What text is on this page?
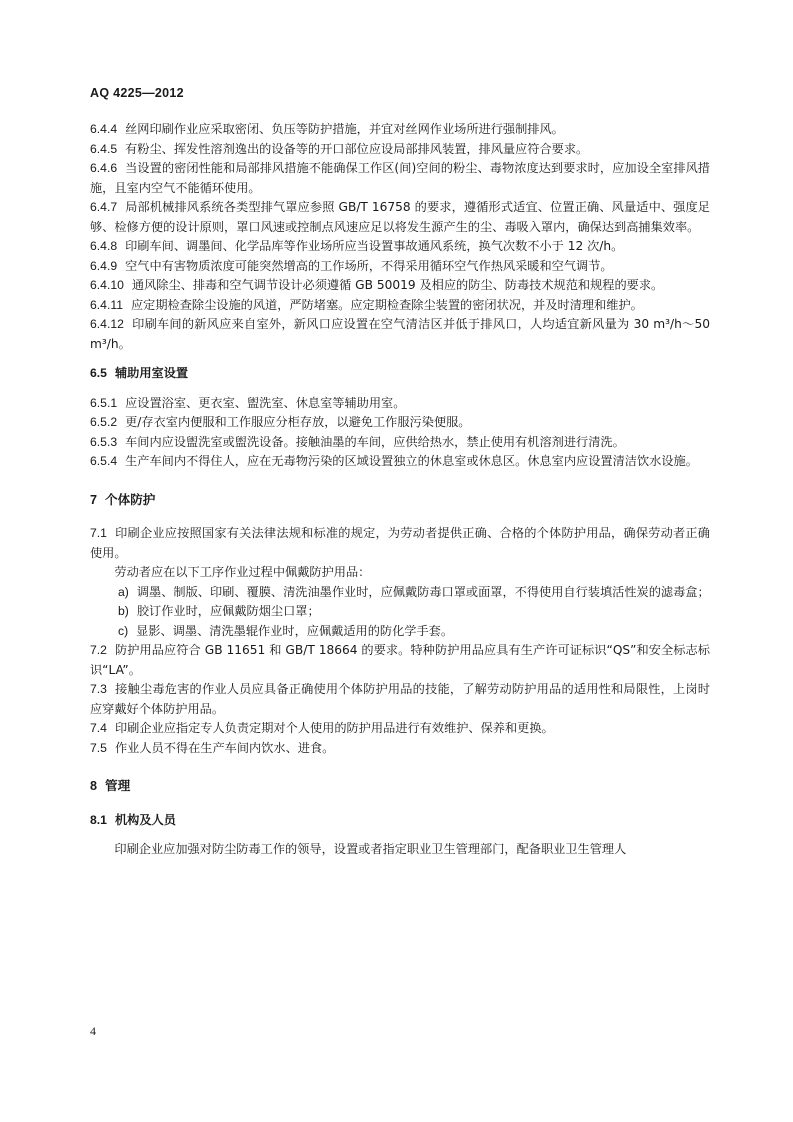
AQ 4225—2012

6.4.4 丝网印刷作业应采取密闭、负压等防护措施，并宜对丝网作业场所进行强制排风。

6.4.5 有粉尘、挥发性溶剂逸出的设备等的开口部位应设局部排风装置，排风量应符合要求。

6.4.6 当设置的密闭性能和局部排风措施不能确保工作区(间)空间的粉尘、毒物浓度达到要求时，应加设全室排风措施，且室内空气不能循环使用。

6.4.7 局部机械排风系统各类型排气罩应参照 GB/T 16758 的要求，遵循形式适宜、位置正确、风量适中、强度足够、检修方便的设计原则，罩口风速或控制点风速应足以将发生源产生的尘、毒吸入罩内，确保达到高捕集效率。

6.4.8 印刷车间、调墨间、化学品库等作业场所应当设置事故通风系统，换气次数不小于 12 次/h。

6.4.9 空气中有害物质浓度可能突然增高的工作场所，不得采用循环空气作热风采暖和空气调节。

6.4.10 通风除尘、排毒和空气调节设计必须遵循 GB 50019 及相应的防尘、防毒技术规范和规程的要求。

6.4.11 应定期检查除尘设施的风道，严防堵塞。应定期检查除尘装置的密闭状况，并及时清理和维护。

6.4.12 印刷车间的新风应来自室外，新风口应设置在空气清洁区并低于排风口，人均适宜新风量为 30 m³/h～50 m³/h。

6.5 辅助用室设置

6.5.1 应设置浴室、更衣室、盥洗室、休息室等辅助用室。

6.5.2 更/存衣室内便服和工作服应分柜存放，以避免工作服污染便服。

6.5.3 车间内应设盥洗室或盥洗设备。接触油墨的车间，应供给热水，禁止使用有机溶剂进行清洗。

6.5.4 生产车间内不得住人，应在无毒物污染的区域设置独立的休息室或休息区。休息室内应设置清洁饮水设施。

7 个体防护

7.1 印刷企业应按照国家有关法律法规和标准的规定，为劳动者提供正确、合格的个体防护用品，确保劳动者正确使用。

劳动者应在以下工序作业过程中佩戴防护用品：

a) 调墨、制版、印刷、覆膜、清洗油墨作业时，应佩戴防毒口罩或面罩，不得使用自行装填活性炭的滤毒盒；

b) 胶订作业时，应佩戴防烟尘口罩；

c) 显影、调墨、清洗墨辊作业时，应佩戴适用的防化学手套。

7.2 防护用品应符合 GB 11651 和 GB/T 18664 的要求。特种防护用品应具有生产许可证标识“QS”和安全标志标识“LA”。

7.3 接触尘毒危害的作业人员应具备正确使用个体防护用品的技能，了解劳动防护用品的适用性和局限性，上岗时应穿戴好个体防护用品。

7.4 印刷企业应指定专人负责定期对个人使用的防护用品进行有效维护、保养和更换。

7.5 作业人员不得在生产车间内饮水、进食。

8 管理

8.1 机构及人员

印刷企业应加强对防尘防毒工作的领导，设置或者指定职业卫生管理部门，配备职业卫生管理人

4
